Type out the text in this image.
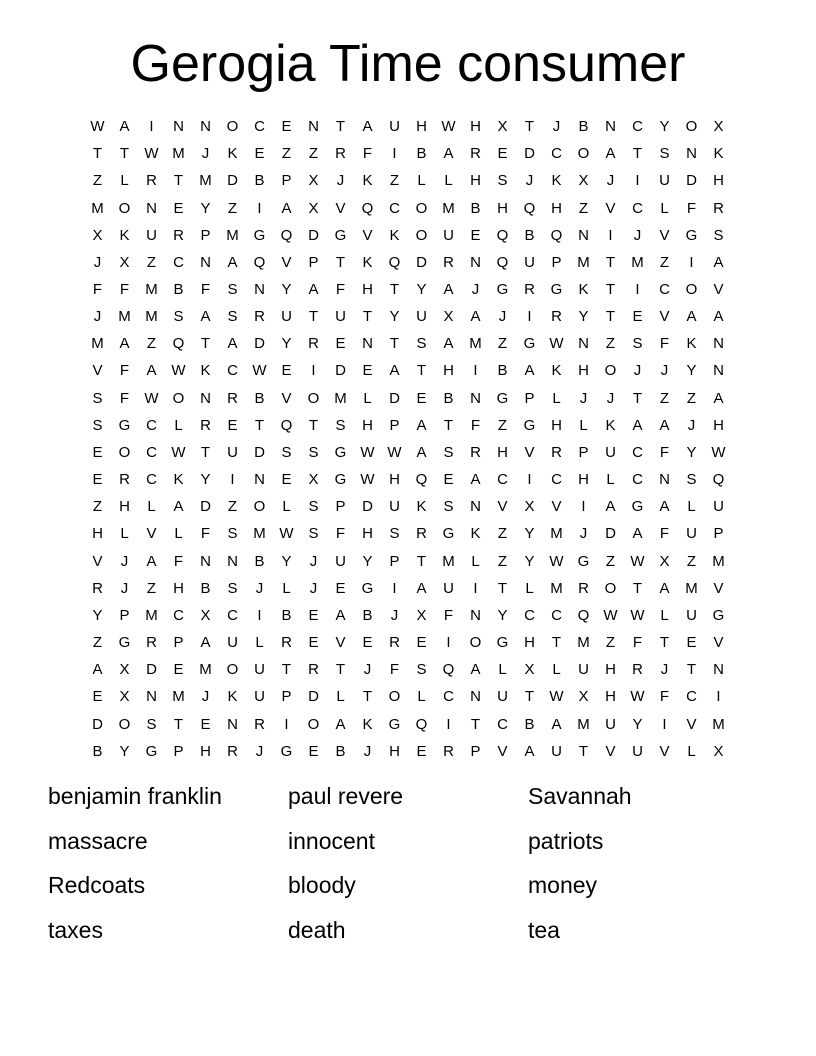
Gerogia Time consumer
W A	I	N	N	O	C	E	N	T	A	U	H W H	X	T	J	B	N	C	Y	O	X
T	T	W M	J	K	E	Z	Z	R	F	I	B	A	R	E	D	C	O	A	T	S	N	K
Z	L	R	T	M	D	B	P	X	J	K	Z	L	L	H	S	J	K	X	J	I	U	D	H
M O	N	E	Y	Z	I	A	X	V	Q	C	O M	B	H	Q	H	Z	V	C	L	F	R
X	K	U	R	P	M G	Q	D	G	V	K	O	U	E	Q	B	Q	N	I	J	V	G	S
J	X	Z	C	N	A	Q	V	P	T	K	Q	D	R	N	Q	U	P	M	T	M	Z	I	A
F	F	M	B	F	S	N	Y	A	F	H	T	Y	A	J	G	R	G	K	T	I	C	O	V
J	M M	S	A	S	R	U	T	U	T	Y	U	X	A	J	I	R	Y	T	E	V	A	A
M	A	Z	Q	T	A	D	Y	R	E	N	T	S	A	M	Z	G W N	Z	S	F	K	N
V	F	A W K	C W E	I	D	E	A	T	H	I	B	A	K	H	O	J	J	Y	N
S	F	W O	N	R	B	V	O M	L	D	E	B	N	G	P	L	J	J	T	Z	Z	A
S	G	C	L	R	E	T	Q	T	S	H	P	A	T	F	Z	G	H	L	K	A	A	J	H
E	O	C W	T	U	D	S	S	G W W A	S	R	H	V	R	P	U	C	F	Y W
E	R	C	K	Y	I	N	E	X	G W H	Q	E	A	C	I	C	H	L	C	N	S	Q
Z	H	L	A	D	Z	O	L	S	P	D	U	K	S	N	V	X	V	I	A	G	A	L	U
H	L	V	L	F	S	M W S	F	H	S	R	G	K	Z	Y	M	J	D	A	F	U	P
V	J	A	F	N	N	B	Y	J	U	Y	P	T	M	L	Z	Y W G	Z	W X	Z	M
R	J	Z	H	B	S	J	L	J	E	G	I	A	U	I	T	L	M	R	O	T	A	M	V
Y	P	M	C	X	C	I	B	E	A	B	J	X	F	N	Y	C	C	Q W W	L	U	G
Z	G	R	P	A	U	L	R	E	V	E	R	E	I	O	G	H	T	M	Z	F	T	E	V
A	X	D	E	M O	U	T	R	T	J	F	S	Q	A	L	X	L	U	H	R	J	T	N
E	X	N	M	J	K	U	P	D	L	T	O	L	C	N	U	T	W X	H W	F	C	I
D	O	S	T	E	N	R	I	O	A	K	G	Q	I	T	C	B	A	M	U	Y	I	V	M
B	Y	G	P	H	R	J	G	E	B	J	H	E	R	P	V	A	U	T	V	U	V	L	X
benjamin franklin	paul revere	Savannah
massacre	innocent	patriots
Redcoats	bloody	money
taxes	death	tea
